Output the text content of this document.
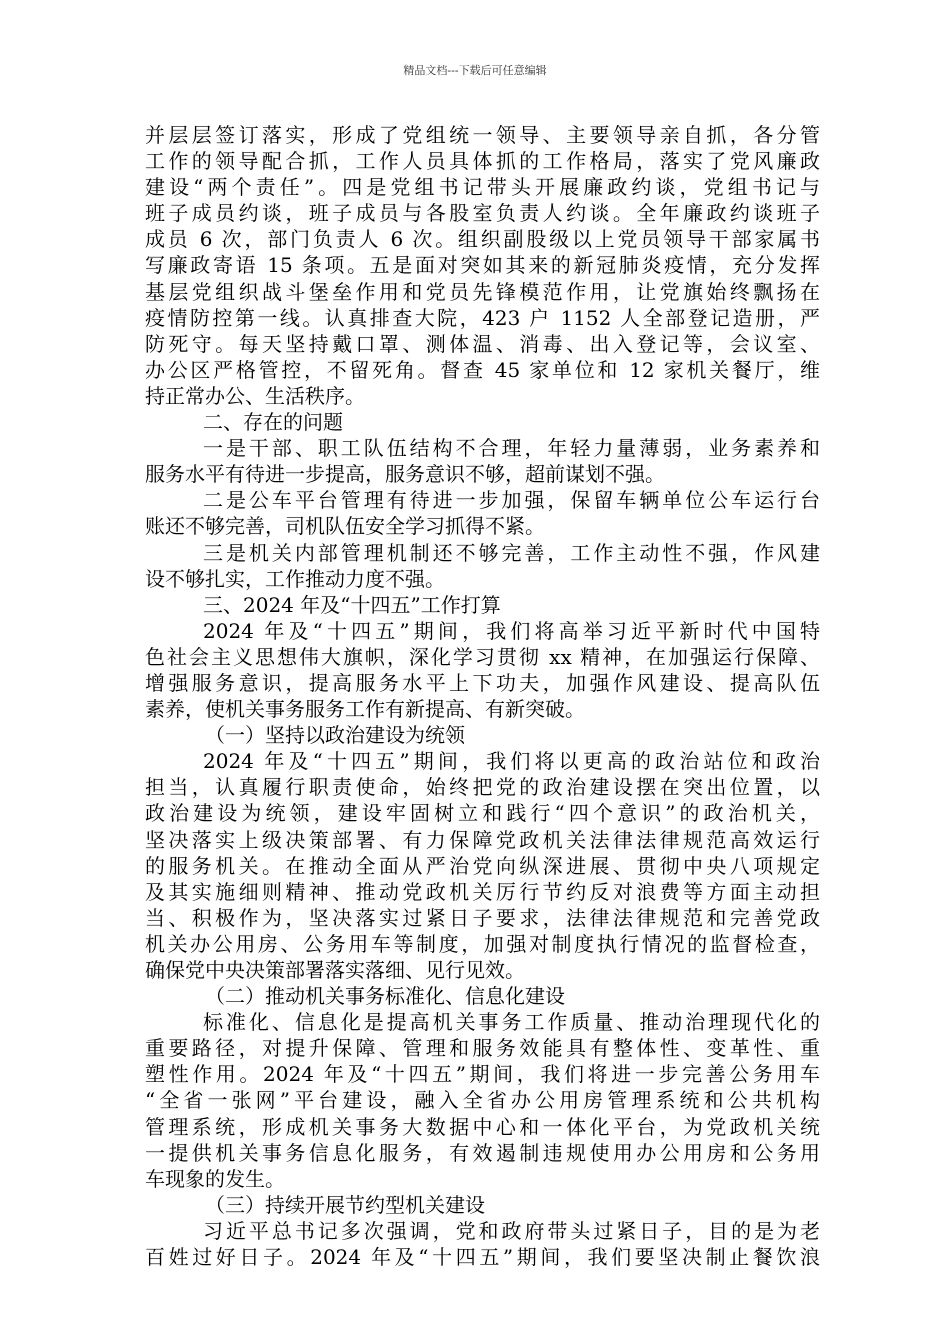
精品文档---下载后可任意编辑
并层层签订落实，形成了党组统一领导、主要领导亲自抓，各分管
工作的领导配合抓，工作人员具体抓的工作格局，落实了党风廉政
建设“两个责任”。四是党组书记带头开展廉政约谈，党组书记与
班子成员约谈，班子成员与各股室负责人约谈。全年廉政约谈班子
成员 6 次，部门负责人 6 次。组织副股级以上党员领导干部家属书
写廉政寄语 15 条项。五是面对突如其来的新冠肺炎疫情，充分发挥
基层党组织战斗堡垒作用和党员先锋模范作用，让党旗始终飘扬在
疫情防控第一线。认真排查大院，423 户 1152 人全部登记造册，严
防死守。每天坚持戴口罩、测体温、消毒、出入登记等，会议室、
办公区严格管控，不留死角。督查 45 家单位和 12 家机关餐厅，维
持正常办公、生活秩序。
二、存在的问题
一是干部、职工队伍结构不合理，年轻力量薄弱，业务素养和
服务水平有待进一步提高，服务意识不够，超前谋划不强。
二是公车平台管理有待进一步加强，保留车辆单位公车运行台
账还不够完善，司机队伍安全学习抓得不紧。
三是机关内部管理机制还不够完善，工作主动性不强，作风建
设不够扎实，工作推动力度不强。
三、2024 年及“十四五”工作打算
2024 年及“十四五”期间，我们将高举习近平新时代中国特
色社会主义思想伟大旗帜，深化学习贯彻 xx 精神，在加强运行保障、
增强服务意识，提高服务水平上下功夫，加强作风建设、提高队伍
素养，使机关事务服务工作有新提高、有新突破。
（一）坚持以政治建设为统领
2024 年及“十四五”期间，我们将以更高的政治站位和政治
担当，认真履行职责使命，始终把党的政治建设摆在突出位置，以
政治建设为统领，建设牢固树立和践行“四个意识”的政治机关，
坚决落实上级决策部署、有力保障党政机关法律法律规范高效运行
的服务机关。在推动全面从严治党向纵深进展、贯彻中央八项规定
及其实施细则精神、推动党政机关厉行节约反对浪费等方面主动担
当、积极作为，坚决落实过紧日子要求，法律法律规范和完善党政
机关办公用房、公务用车等制度，加强对制度执行情况的监督检查，
确保党中央决策部署落实落细、见行见效。
（二）推动机关事务标准化、信息化建设
标准化、信息化是提高机关事务工作质量、推动治理现代化的
重要路径，对提升保障、管理和服务效能具有整体性、变革性、重
塑性作用。2024 年及“十四五”期间，我们将进一步完善公务用车
“全省一张网”平台建设，融入全省办公用房管理系统和公共机构
管理系统，形成机关事务大数据中心和一体化平台，为党政机关统
一提供机关事务信息化服务，有效遏制违规使用办公用房和公务用
车现象的发生。
（三）持续开展节约型机关建设
习近平总书记多次强调，党和政府带头过紧日子，目的是为老
百姓过好日子。2024 年及“十四五”期间，我们要坚决制止餐饮浪
